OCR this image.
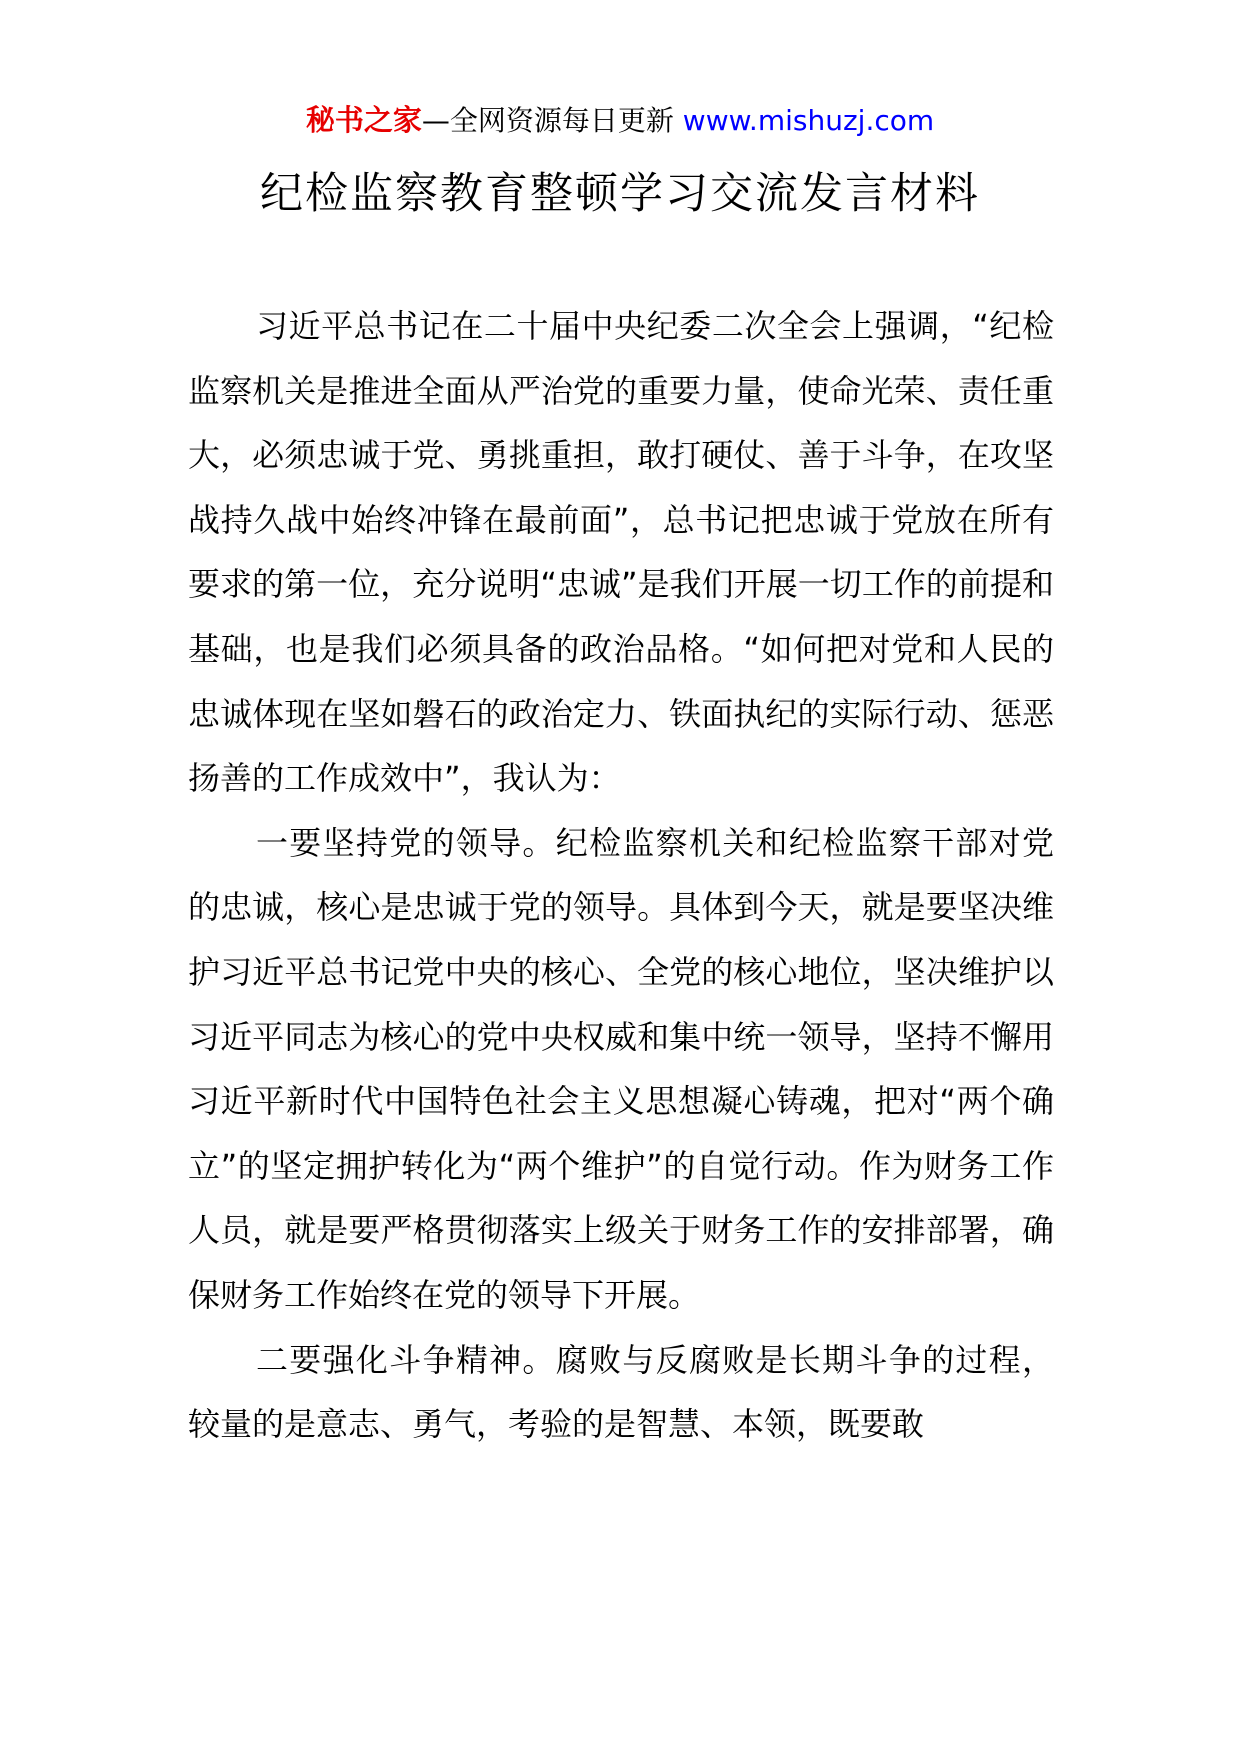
秘书之家—全网资源每日更新 www.mishuzj.com
纪检监察教育整顿学习交流发言材料

习近平总书记在二十届中央纪委二次全会上强调，“纪检监察机关是推进全面从严治党的重要力量，使命光荣、责任重大，必须忠诚于党、勇挑重担，敢打硬仗、善于斗争，在攻坚战持久战中始终冲锋在最前面”，总书记把忠诚于党放在所有要求的第一位，充分说明“忠诚”是我们开展一切工作的前提和基础，也是我们必须具备的政治品格。“如何把对党和人民的忠诚体现在坚如磐石的政治定力、铁面执纪的实际行动、惩恶扬善的工作成效中”，我认为：

一要坚持党的领导。纪检监察机关和纪检监察干部对党的忠诚，核心是忠诚于党的领导。具体到今天，就是要坚决维护习近平总书记党中央的核心、全党的核心地位，坚决维护以习近平同志为核心的党中央权威和集中统一领导，坚持不懈用习近平新时代中国特色社会主义思想凝心铸魂，把对“两个确立”的坚定拥护转化为“两个维护”的自觉行动。作为财务工作人员，就是要严格贯彻落实上级关于财务工作的安排部署，确保财务工作始终在党的领导下开展。

二要强化斗争精神。腐败与反腐败是长期斗争的过程，较量的是意志、勇气，考验的是智慧、本领，既要敢
